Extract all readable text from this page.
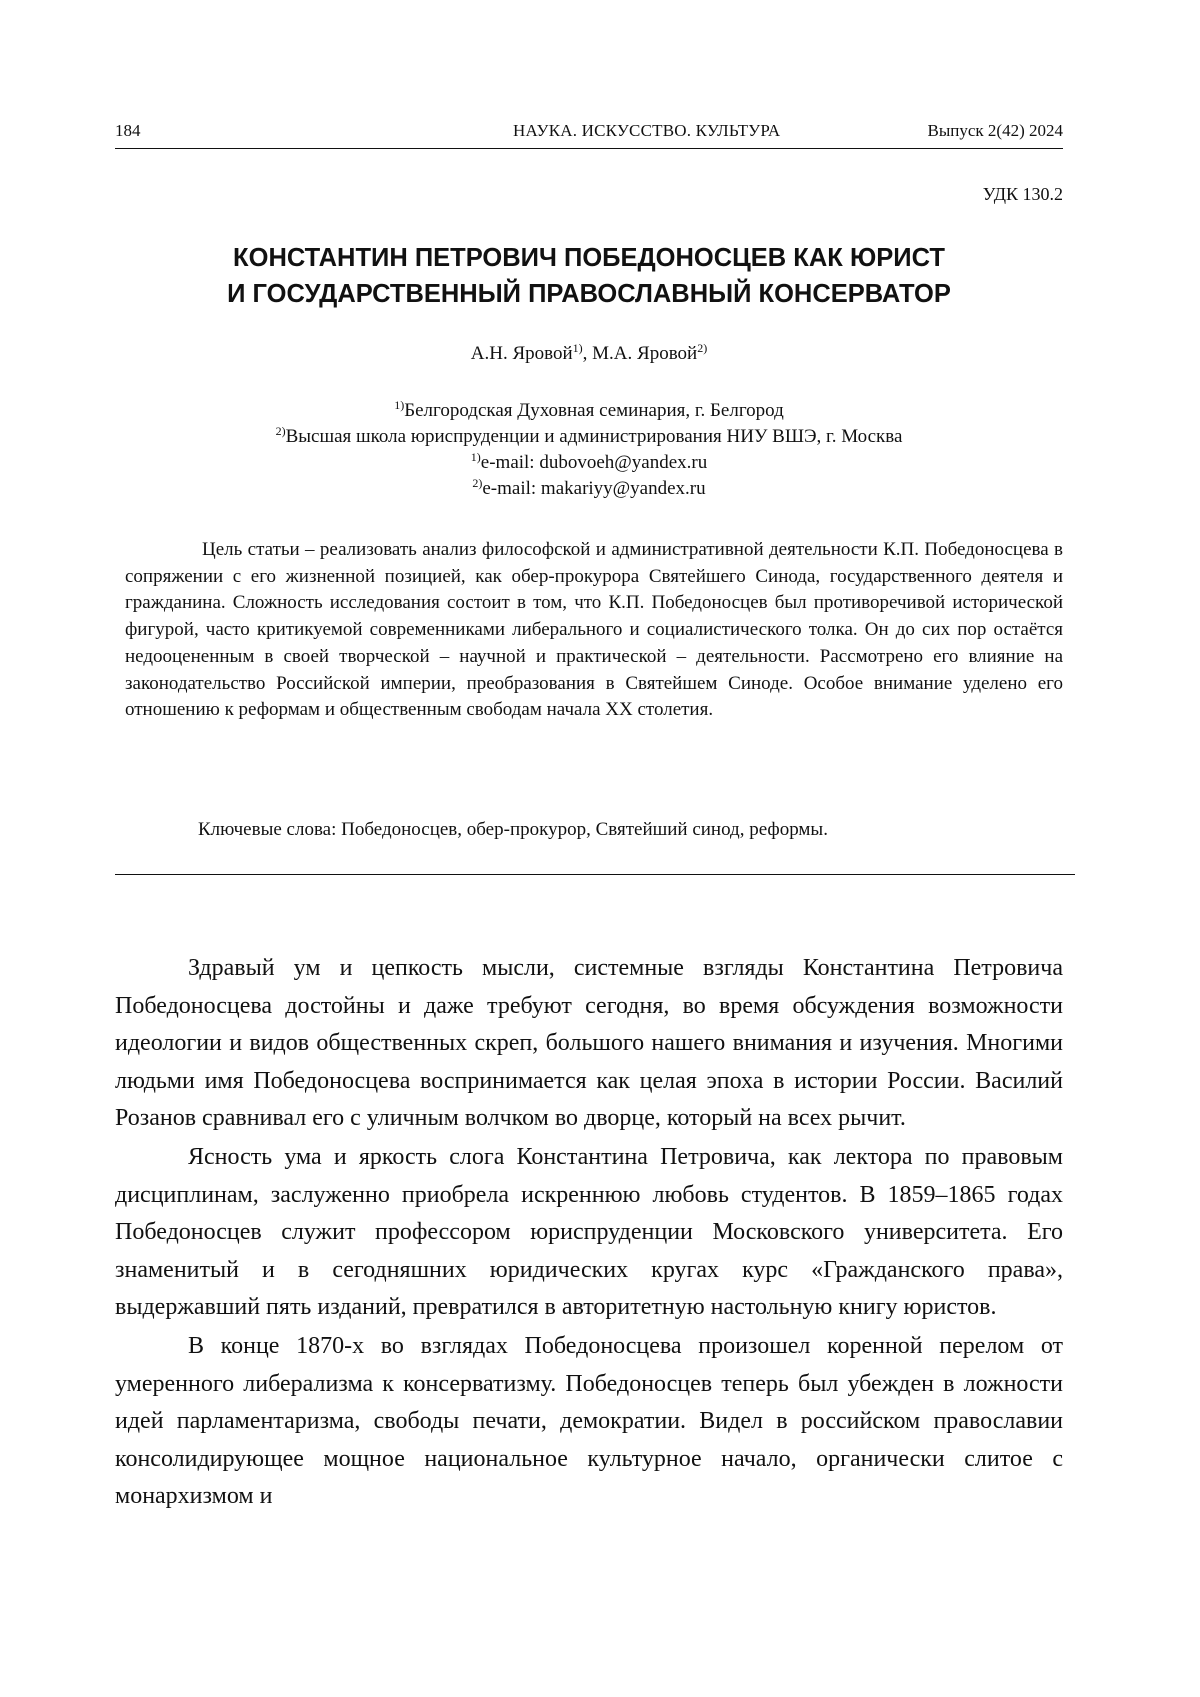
184	НАУКА. ИСКУССТВО. КУЛЬТУРА	Выпуск 2(42) 2024
УДК 130.2
КОНСТАНТИН ПЕТРОВИЧ ПОБЕДОНОСЦЕВ КАК ЮРИСТ
И ГОСУДАРСТВЕННЫЙ ПРАВОСЛАВНЫЙ КОНСЕРВАТОР
А.Н. Яровой$^{1)}$, М.А. Яровой$^{2)}$
$^{1)}$Белгородская Духовная семинария, г. Белгород
$^{2)}$Высшая школа юриспруденции и администрирования НИУ ВШЭ, г. Москва
$^{1)}$e-mail: dubovoeh@yandex.ru
$^{2)}$e-mail: makariyy@yandex.ru
Цель статьи – реализовать анализ философской и административной деятельности К.П. Победоносцева в сопряжении с его жизненной позицией, как обер-прокурора Святейшего Синода, государственного деятеля и гражданина. Сложность исследования состоит в том, что К.П. Победоносцев был противоречивой исторической фигурой, часто критикуемой современниками либерального и социалистического толка. Он до сих пор остаётся недооцененным в своей творческой – научной и практической – деятельности. Рассмотрено его влияние на законодательство Российской империи, преобразования в Святейшем Синоде. Особое внимание уделено его отношению к реформам и общественным свободам начала XX столетия.
Ключевые слова: Победоносцев, обер-прокурор, Святейший синод, реформы.

Здравый ум и цепкость мысли, системные взгляды Константина Петровича Победоносцева достойны и даже требуют сегодня, во время обсуждения возможности идеологии и видов общественных скреп, большого нашего внимания и изучения. Многими людьми имя Победоносцева воспринимается как целая эпоха в истории России. Василий Розанов сравнивал его с уличным волчком во дворце, который на всех рычит.

Ясность ума и яркость слога Константина Петровича, как лектора по правовым дисциплинам, заслуженно приобрела искреннюю любовь студентов. В 1859–1865 годах Победоносцев служит профессором юриспруденции Московского университета. Его знаменитый и в сегодняшних юридических кругах курс «Гражданского права», выдержавший пять изданий, превратился в авторитетную настольную книгу юристов.

В конце 1870-х во взглядах Победоносцева произошел коренной перелом от умеренного либерализма к консерватизму. Победоносцев теперь был убежден в ложности идей парламентаризма, свободы печати, демократии. Видел в российском православии консолидирующее мощное национальное культурное начало, органически слитое с монархизмом и
